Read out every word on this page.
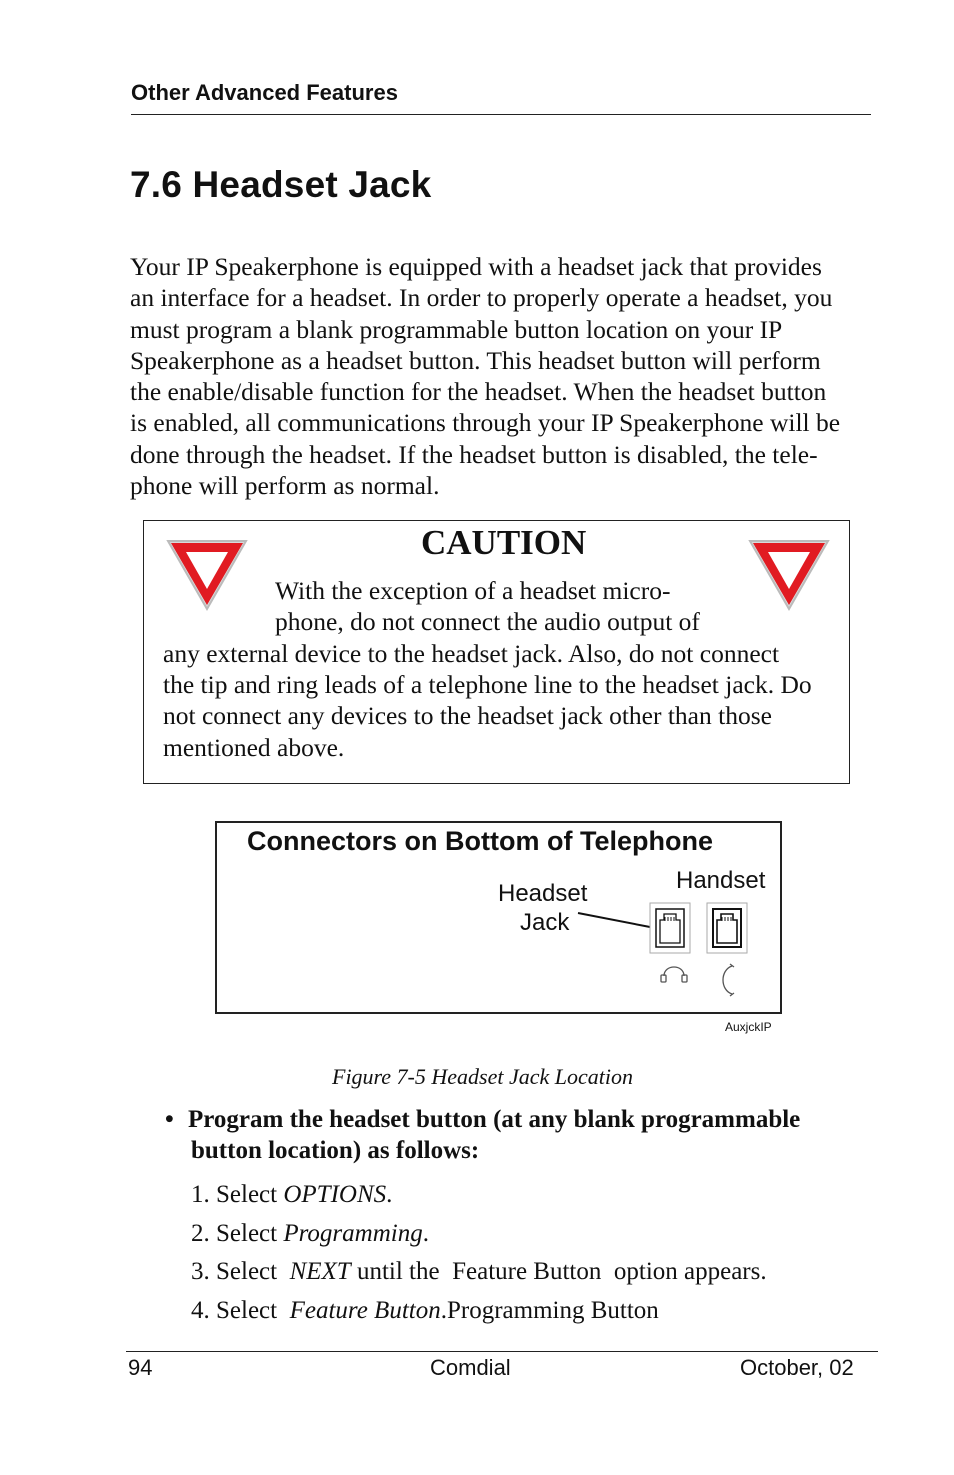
Other Advanced Features
7.6 Headset Jack
Your IP Speakerphone is equipped with a headset jack that provides
an interface for a headset. In order to properly operate a headset, you
must program a blank programmable button location on your IP
Speakerphone as a headset button. This headset button will perform
the enable/disable function for the headset. When the headset button
is enabled, all communications through your IP Speakerphone will be
done through the headset. If the headset button is disabled, the tele-
phone will perform as normal.
CAUTION
With the exception of a headset micro-
phone, do not connect the audio output of
any external device to the headset jack. Also, do not connect
the tip and ring leads of a telephone line to the headset jack. Do
not connect any devices to the headset jack other than those
mentioned above.
Connectors on Bottom of Telephone
Headset
Jack
Handset
AuxjckIP
Figure 7-5 Headset Jack Location
• Program the headset button (at any blank programmable
button location) as follows:
1. Select OPTIONS.
2. Select Programming.
3. Select  NEXT until the  Feature Button  option appears.
4. Select  Feature Button.Programming Button
94	Comdial	October, 02
